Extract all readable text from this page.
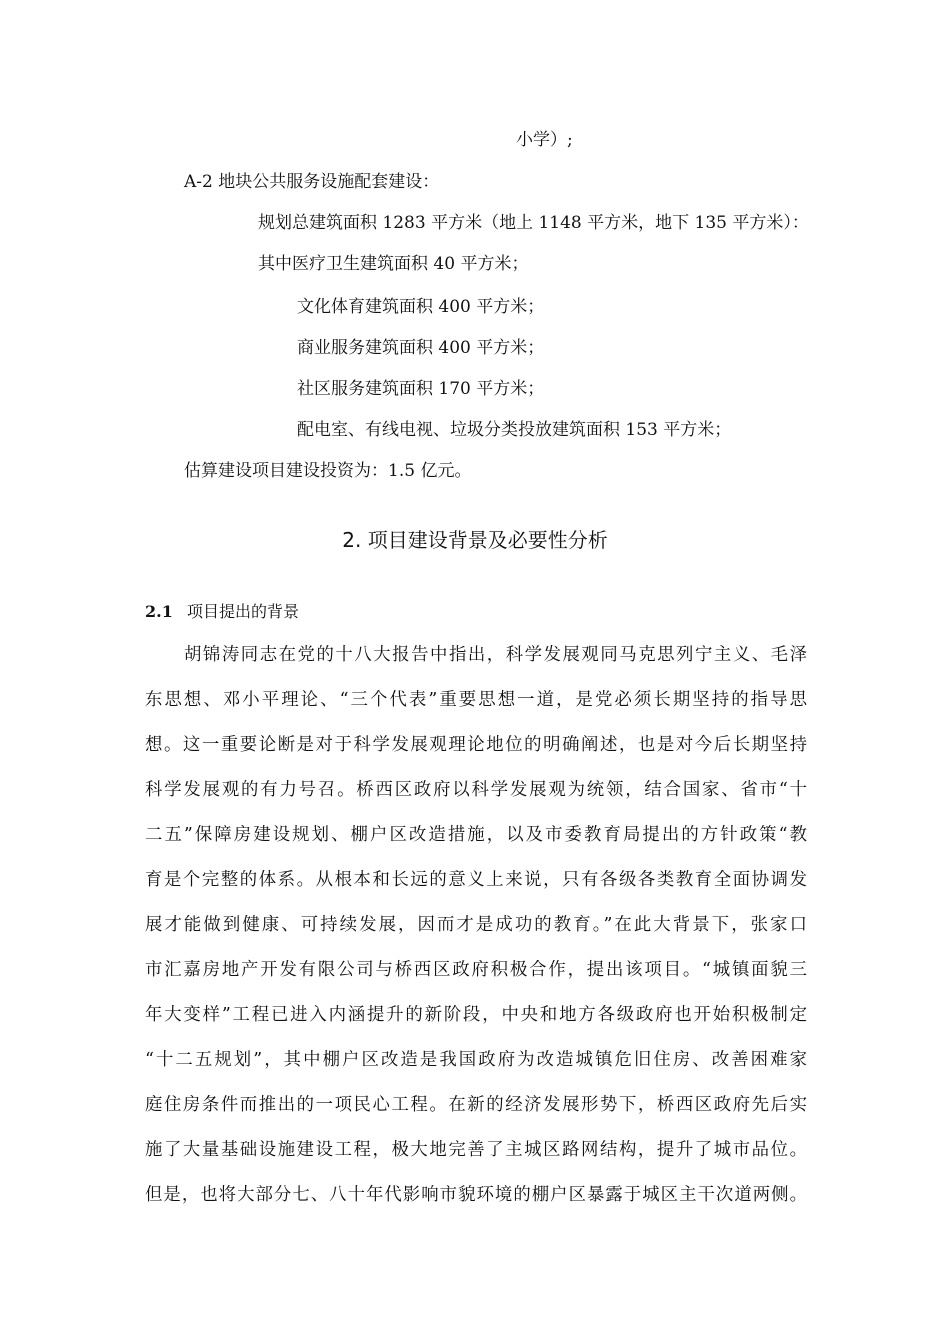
小学）;
A-2 地块公共服务设施配套建设：
规划总建筑面积 1283 平方米（地上 1148 平方米，地下 135 平方米）：
其中医疗卫生建筑面积 40 平方米；
文化体育建筑面积 400 平方米；
商业服务建筑面积 400 平方米；
社区服务建筑面积 170 平方米；
配电室、有线电视、垃圾分类投放建筑面积 153 平方米；
估算建设项目建设投资为：1.5 亿元。
2. 项目建设背景及必要性分析
2.1 项目提出的背景
胡锦涛同志在党的十八大报告中指出，科学发展观同马克思列宁主义、毛泽
东思想、邓小平理论、“三个代表”重要思想一道，是党必须长期坚持的指导思
想。这一重要论断是对于科学发展观理论地位的明确阐述，也是对今后长期坚持
科学发展观的有力号召。桥西区政府以科学发展观为统领，结合国家、省市“十
二五”保障房建设规划、棚户区改造措施，以及市委教育局提出的方针政策“教
育是个完整的体系。从根本和长远的意义上来说，只有各级各类教育全面协调发
展才能做到健康、可持续发展，因而才是成功的教育。”在此大背景下，张家口
市汇嘉房地产开发有限公司与桥西区政府积极合作，提出该项目。“城镇面貌三
年大变样”工程已进入内涵提升的新阶段，中央和地方各级政府也开始积极制定
“十二五规划”，其中棚户区改造是我国政府为改造城镇危旧住房、改善困难家
庭住房条件而推出的一项民心工程。在新的经济发展形势下，桥西区政府先后实
施了大量基础设施建设工程，极大地完善了主城区路网结构，提升了城市品位。
但是，也将大部分七、八十年代影响市貌环境的棚户区暴露于城区主干次道两侧。
